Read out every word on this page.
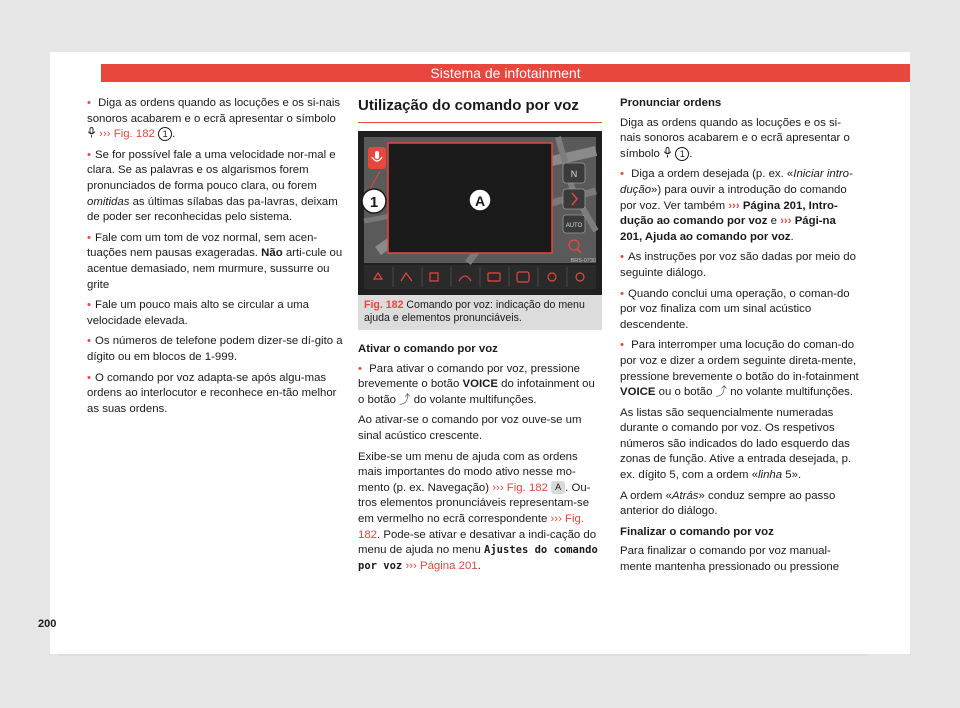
Sistema de infotainment

• Diga as ordens quando as locuções e os si-nais sonoros acabarem e o ecrã apresentar o símbolo  ››› Fig. 182 1 .

• Se for possível fale a uma velocidade nor-mal e clara. Se as palavras e os algarismos forem pronunciados de forma pouco clara, ou forem omitidas as últimas sílabas das pa-lavras, deixam de poder ser reconhecidas pelo sistema.

• Fale com um tom de voz normal, sem acen-tuações nem pausas exageradas. Não arti-cule ou acentue demasiado, nem murmure, sussurre ou grite

• Fale um pouco mais alto se circular a uma velocidade elevada.

• Os números de telefone podem dizer-se dí-gito a dígito ou em blocos de 1-999.

• O comando por voz adapta-se após algu-mas ordens ao interlocutor e reconhece en-tão melhor as suas ordens.

Utilização do comando por voz
N
AUTO
1	A
BRS-0730
Fig. 182 Comando por voz: indicação do menu ajuda e elementos pronunciáveis.

Ativar o comando por voz

• Para ativar o comando por voz, pressione brevemente o botão VOICE do infotainment ou o botão ⤴ do volante multifunções.

Ao ativar-se o comando por voz ouve-se um sinal acústico crescente.

Exibe-se um menu de ajuda com as ordens mais importantes do modo ativo nesse mo-mento (p. ex. Navegação) ››› Fig. 182 A . Ou-tros elementos pronunciáveis representam-se em vermelho no ecrã correspondente ››› Fig. 182. Pode-se ativar e desativar a indi-cação do menu de ajuda no menu Ajustes do comando por voz ››› Página 201.

Pronunciar ordens

Diga as ordens quando as locuções e os si-nais sonoros acabarem e o ecrã apresentar o símbolo  1 .

• Diga a ordem desejada (p. ex. «Iniciar intro-dução») para ouvir a introdução do comando por voz. Ver também ››› Página 201, Intro-dução ao comando por voz e ››› Pági-na 201, Ajuda ao comando por voz.

• As instruções por voz são dadas por meio do seguinte diálogo.

• Quando conclui uma operação, o coman-do por voz finaliza com um sinal acústico descendente.

• Para interromper uma locução do coman-do por voz e dizer a ordem seguinte direta-mente, pressione brevemente o botão do in-fotainment VOICE ou o botão ⤴ no volante multifunções.

As listas são sequencialmente numeradas durante o comando por voz. Os respetivos números são indicados do lado esquerdo das zonas de função. Ative a entrada desejada, p. ex. dígito 5, com a ordem «linha 5».

A ordem «Atrás» conduz sempre ao passo anterior do diálogo.

Finalizar o comando por voz

Para finalizar o comando por voz manual-mente mantenha pressionado ou pressione

200
